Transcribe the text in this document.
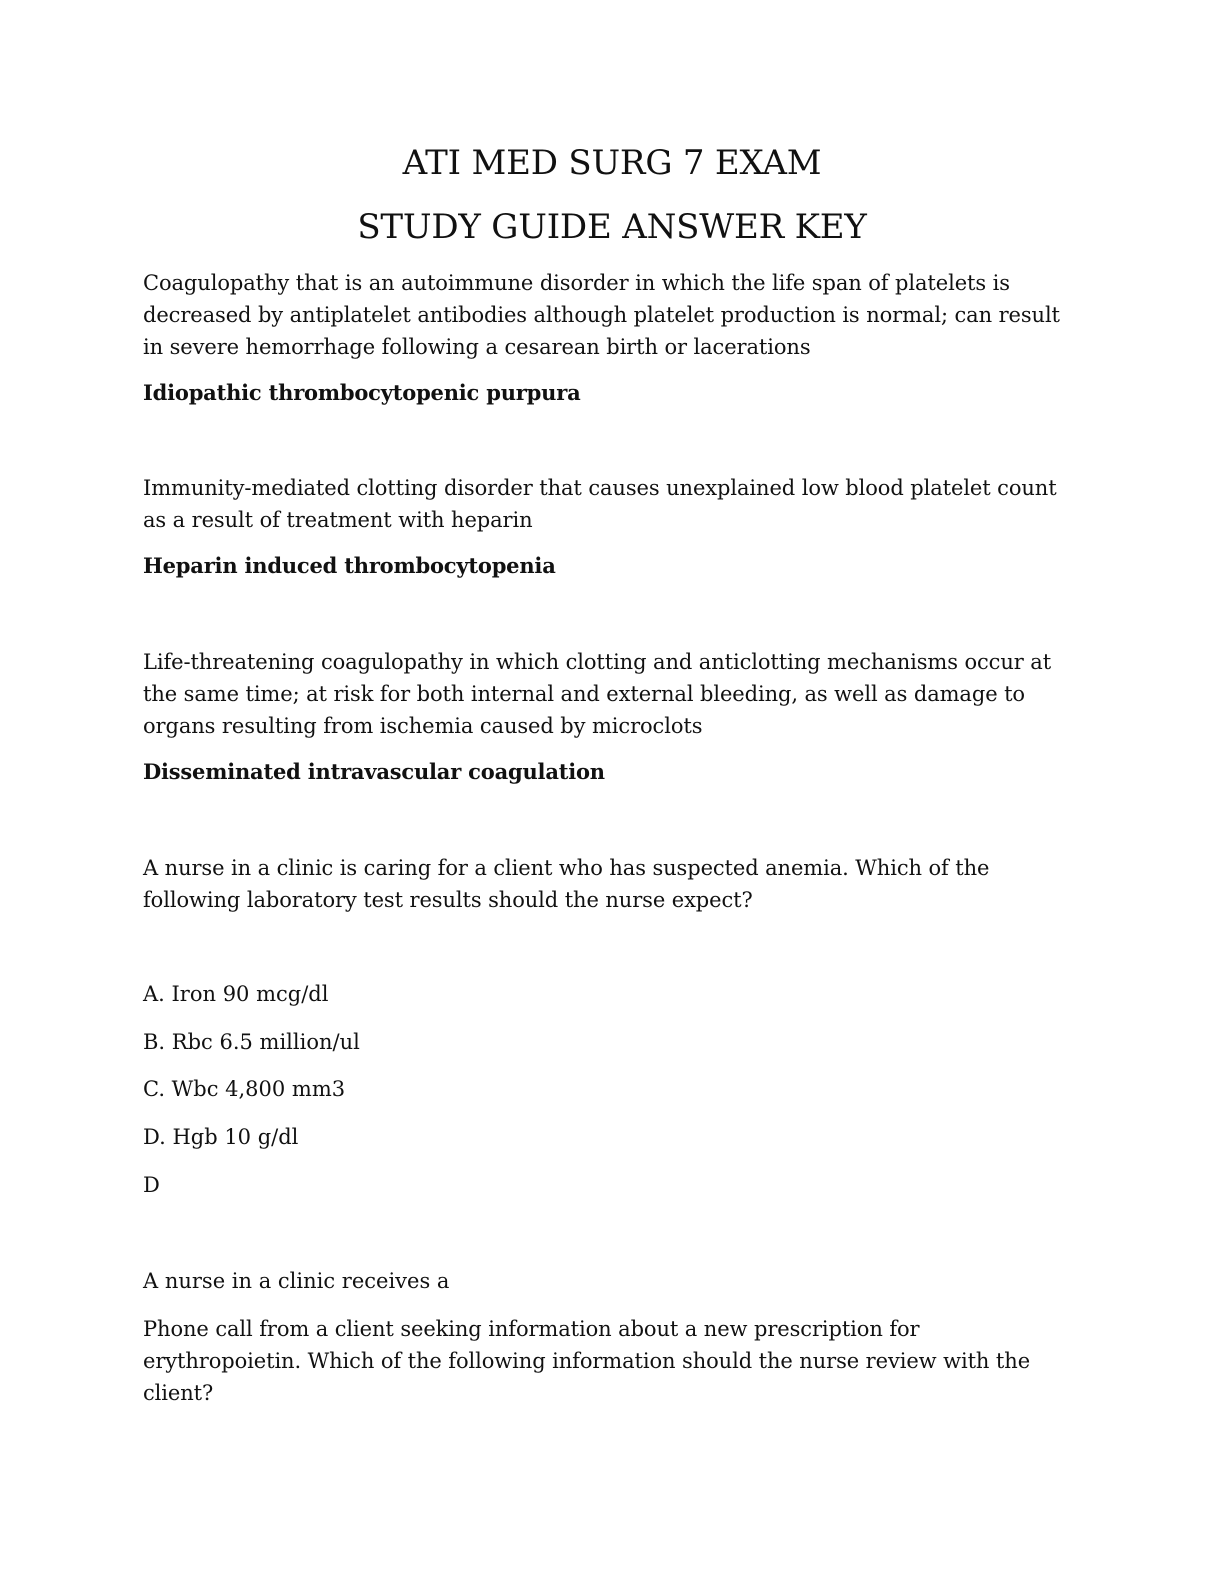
ATI MED SURG 7 EXAM
STUDY GUIDE ANSWER KEY

Coagulopathy that is an autoimmune disorder in which the life span of platelets is
decreased by antiplatelet antibodies although platelet production is normal; can result
in severe hemorrhage following a cesarean birth or lacerations

Idiopathic thrombocytopenic purpura

Immunity-mediated clotting disorder that causes unexplained low blood platelet count
as a result of treatment with heparin

Heparin induced thrombocytopenia

Life-threatening coagulopathy in which clotting and anticlotting mechanisms occur at
the same time; at risk for both internal and external bleeding, as well as damage to
organs resulting from ischemia caused by microclots

Disseminated intravascular coagulation

A nurse in a clinic is caring for a client who has suspected anemia. Which of the
following laboratory test results should the nurse expect?

A. Iron 90 mcg/dl

B. Rbc 6.5 million/ul

C. Wbc 4,800 mm3

D. Hgb 10 g/dl

D

A nurse in a clinic receives a

Phone call from a client seeking information about a new prescription for
erythropoietin. Which of the following information should the nurse review with the
client?
